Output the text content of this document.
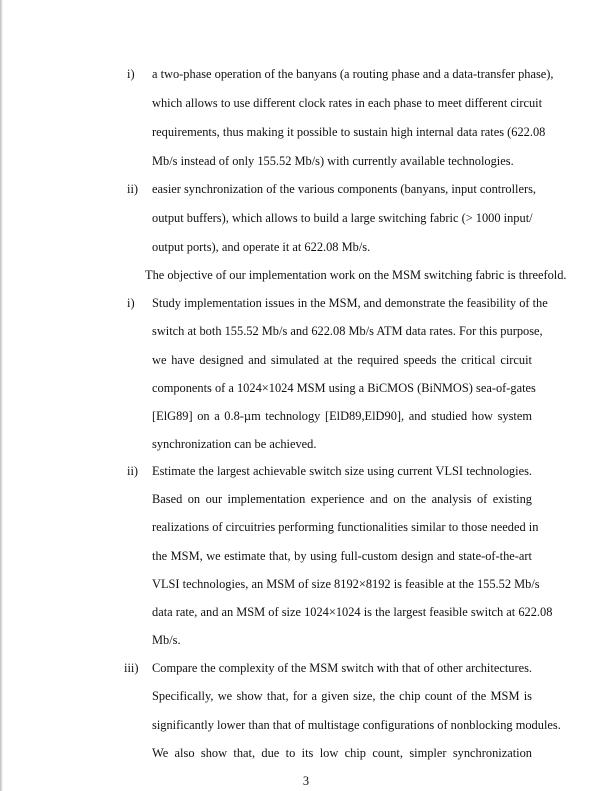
i) a two-phase operation of the banyans (a routing phase and a data-transfer phase),
which allows to use different clock rates in each phase to meet different circuit
requirements, thus making it possible to sustain high internal data rates (622.08
Mb/s instead of only 155.52 Mb/s) with currently available technologies.
ii) easier synchronization of the various components (banyans, input controllers,
output buffers), which allows to build a large switching fabric (> 1000 input/
output ports), and operate it at 622.08 Mb/s.
The objective of our implementation work on the MSM switching fabric is threefold.
i) Study implementation issues in the MSM, and demonstrate the feasibility of the
switch at both 155.52 Mb/s and 622.08 Mb/s ATM data rates. For this purpose,
we have designed and simulated at the required speeds the critical circuit
components of a 1024×1024 MSM using a BiCMOS (BiNMOS) sea-of-gates
[ElG89] on a 0.8-µm technology [ElD89,ElD90], and studied how system
synchronization can be achieved.
ii) Estimate the largest achievable switch size using current VLSI technologies.
Based on our implementation experience and on the analysis of existing
realizations of circuitries performing functionalities similar to those needed in
the MSM, we estimate that, by using full-custom design and state-of-the-art
VLSI technologies, an MSM of size 8192×8192 is feasible at the 155.52 Mb/s
data rate, and an MSM of size 1024×1024 is the largest feasible switch at 622.08
Mb/s.
iii) Compare the complexity of the MSM switch with that of other architectures.
Specifically, we show that, for a given size, the chip count of the MSM is
significantly lower than that of multistage configurations of nonblocking modules.
We also show that, due to its low chip count, simpler synchronization
3
